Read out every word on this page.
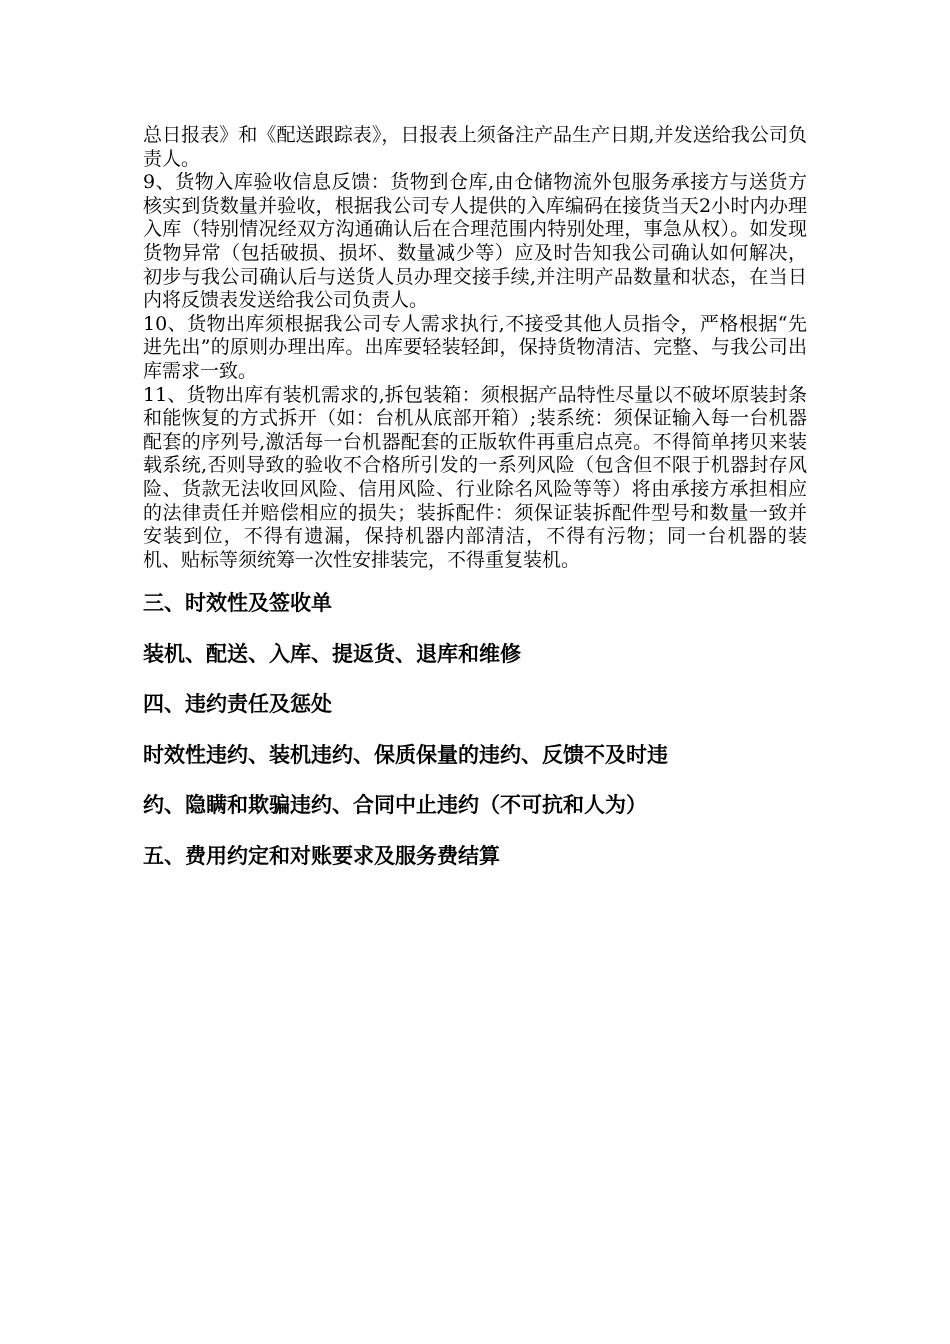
总日报表》和《配送跟踪表》，日报表上须备注产品生产日期,并发送给我公司负责人。

9、货物入库验收信息反馈：货物到仓库,由仓储物流外包服务承接方与送货方核实到货数量并验收，根据我公司专人提供的入库编码在接货当天2小时内办理入库（特别情况经双方沟通确认后在合理范围内特别处理，事急从权）。如发现货物异常（包括破损、损坏、数量减少等）应及时告知我公司确认如何解决，初步与我公司确认后与送货人员办理交接手续,并注明产品数量和状态，在当日内将反馈表发送给我公司负责人。

10、货物出库须根据我公司专人需求执行,不接受其他人员指令，严格根据“先进先出”的原则办理出库。出库要轻装轻卸，保持货物清洁、完整、与我公司出库需求一致。

11、货物出库有装机需求的,拆包装箱：须根据产品特性尽量以不破坏原装封条和能恢复的方式拆开（如：台机从底部开箱）;装系统：须保证输入每一台机器配套的序列号,激活每一台机器配套的正版软件再重启点亮。不得简单拷贝来装载系统,否则导致的验收不合格所引发的一系列风险（包含但不限于机器封存风险、货款无法收回风险、信用风险、行业除名风险等等）将由承接方承担相应的法律责任并赔偿相应的损失；装拆配件：须保证装拆配件型号和数量一致并安装到位，不得有遗漏，保持机器内部清洁，不得有污物；同一台机器的装机、贴标等须统筹一次性安排装完，不得重复装机。

三、时效性及签收单

装机、配送、入库、提返货、退库和维修

四、违约责任及惩处

时效性违约、装机违约、保质保量的违约、反馈不及时违

约、隐瞒和欺骗违约、合同中止违约（不可抗和人为）

五、费用约定和对账要求及服务费结算
